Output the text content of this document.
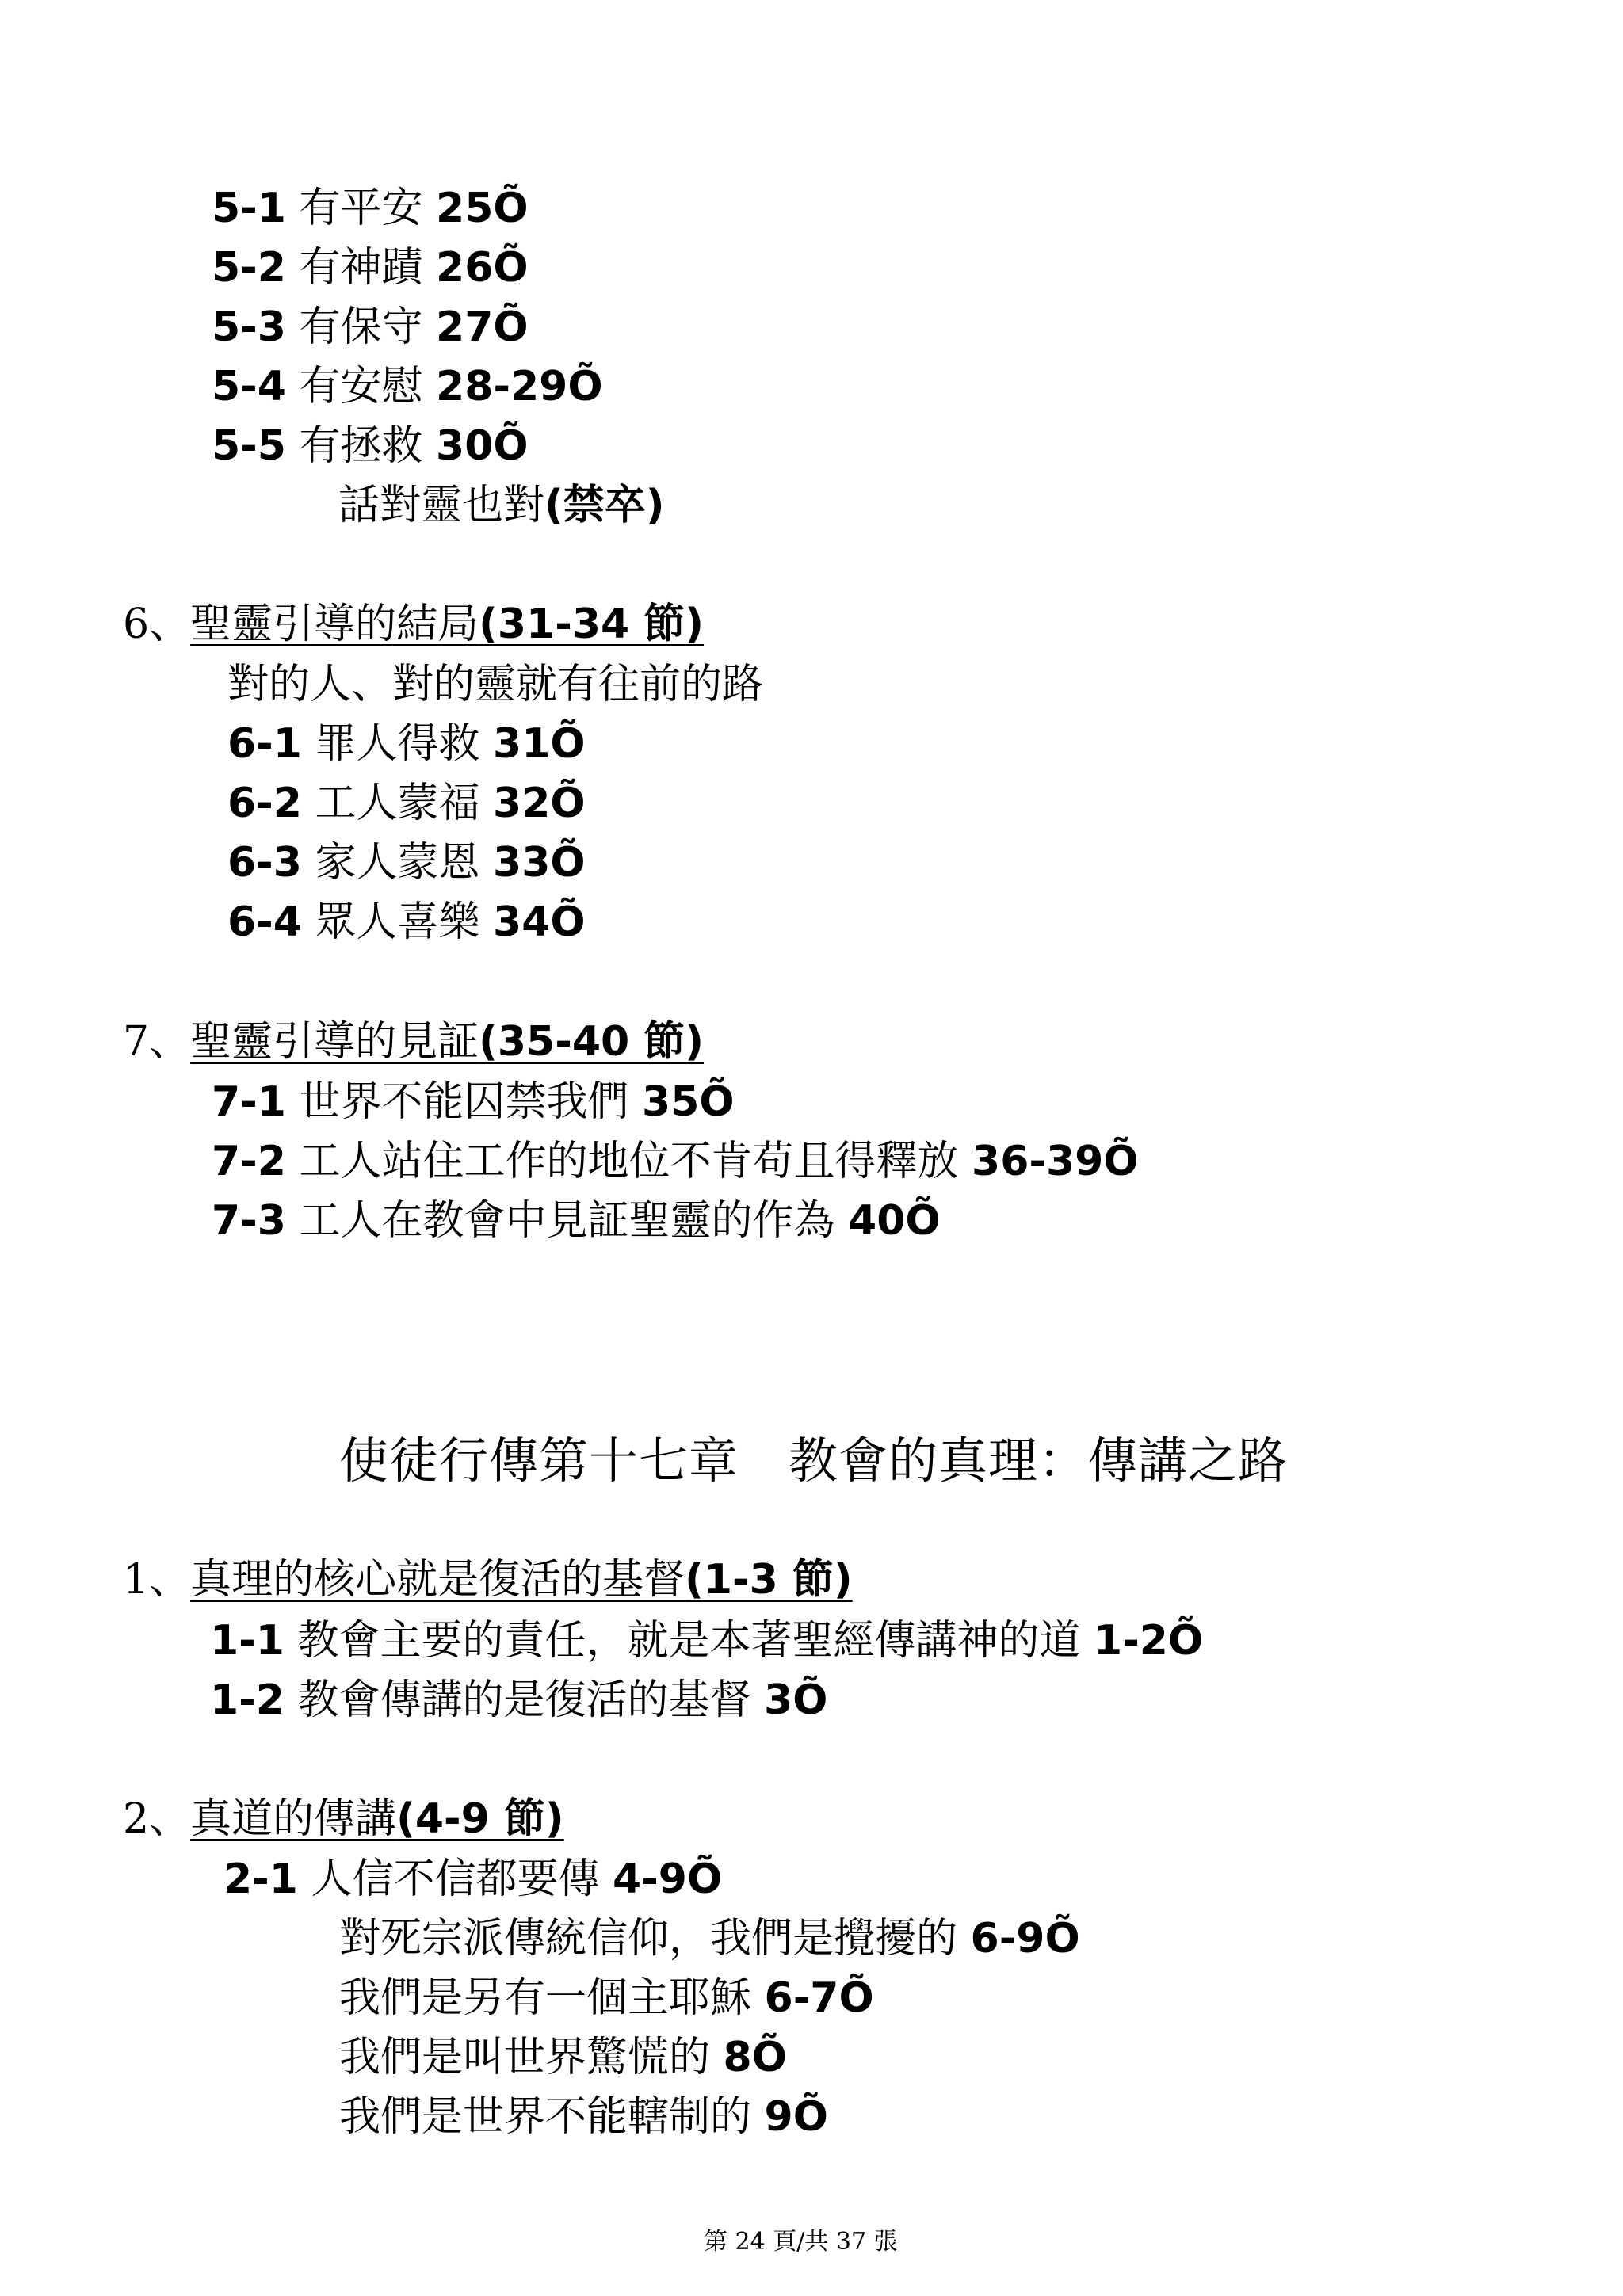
5-1 有平安 25Õ
5-2 有神蹟 26Õ
5-3 有保守 27Õ
5-4 有安慰 28-29Õ
5-5 有拯救 30Õ
話對靈也對(禁卒)
6、聖靈引導的結局(31-34 節)
對的人、對的靈就有往前的路
6-1 罪人得救 31Õ
6-2 工人蒙福 32Õ
6-3 家人蒙恩 33Õ
6-4 眾人喜樂 34Õ
7、聖靈引導的見証(35-40 節)
7-1 世界不能囚禁我們 35Õ
7-2 工人站住工作的地位不肯苟且得釋放 36-39Õ
7-3 工人在教會中見証聖靈的作為 40Õ
使徒行傳第十七章　教會的真理：傳講之路
1、真理的核心就是復活的基督(1-3 節)
1-1 教會主要的責任，就是本著聖經傳講神的道 1-2Õ
1-2 教會傳講的是復活的基督 3Õ
2、真道的傳講(4-9 節)
2-1 人信不信都要傳 4-9Õ
對死宗派傳統信仰，我們是攪擾的 6-9Õ
我們是另有一個主耶穌 6-7Õ
我們是叫世界驚慌的 8Õ
我們是世界不能轄制的 9Õ
第 24 頁/共 37 張
